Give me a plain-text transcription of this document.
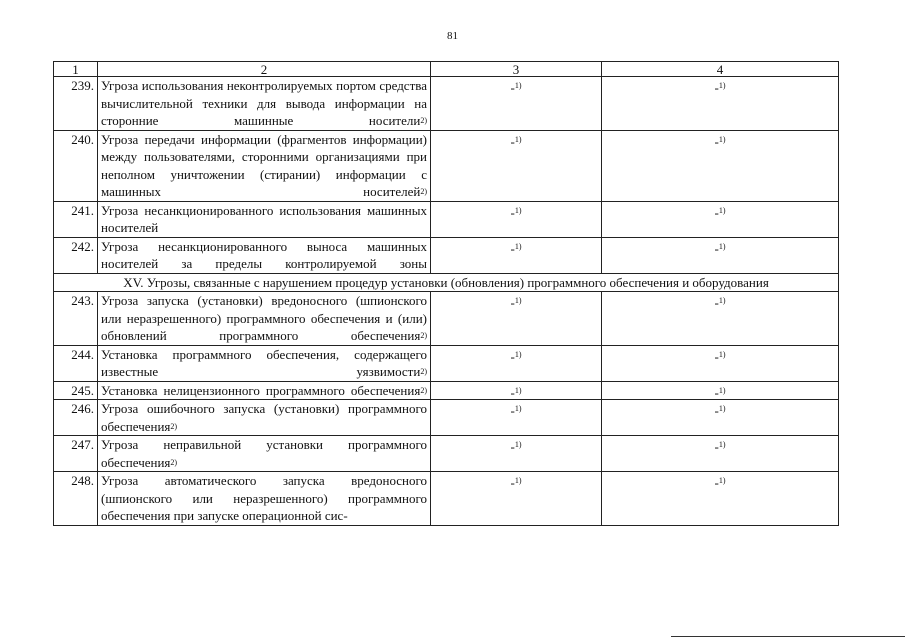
81
1	2	3	4
239.	Угроза использования неконтролируемых портом средства вычислительной техники для вывода информации на сторонние машинные носители$^{2)}$	-$^{1)}$	-$^{1)}$
240.	Угроза передачи информации (фрагментов информации) между пользователями, сторонними организациями при неполном уничтожении (стирании) информации с машинных носителей$^{2)}$	-$^{1)}$	-$^{1)}$
241.	Угроза несанкционированного использования машинных носителей	-$^{1)}$	-$^{1)}$
242.	Угроза несанкционированного выноса машинных носителей за пределы контролируемой зоны	-$^{1)}$	-$^{1)}$
XV. Угрозы, связанные с нарушением процедур установки (обновления) программного обеспечения и оборудования			
243.	Угроза запуска (установки) вредоносного (шпионского или неразрешенного) программного обеспечения и (или) обновлений программного обеспечения$^{2)}$	-$^{1)}$	-$^{1)}$
244.	Установка программного обеспечения, содержащего известные уязвимости$^{2)}$	-$^{1)}$	-$^{1)}$
245.	Установка нелицензионного программного обеспечения$^{2)}$	-$^{1)}$	-$^{1)}$
246.	Угроза ошибочного запуска (установки) программного обеспечения$^{2)}$	-$^{1)}$	-$^{1)}$
247.	Угроза неправильной установки программного обеспечения$^{2)}$	-$^{1)}$	-$^{1)}$
248.	Угроза автоматического запуска вредоносного (шпионского или неразрешенного) программного обеспечения при запуске операционной сис-	-$^{1)}$	-$^{1)}$
